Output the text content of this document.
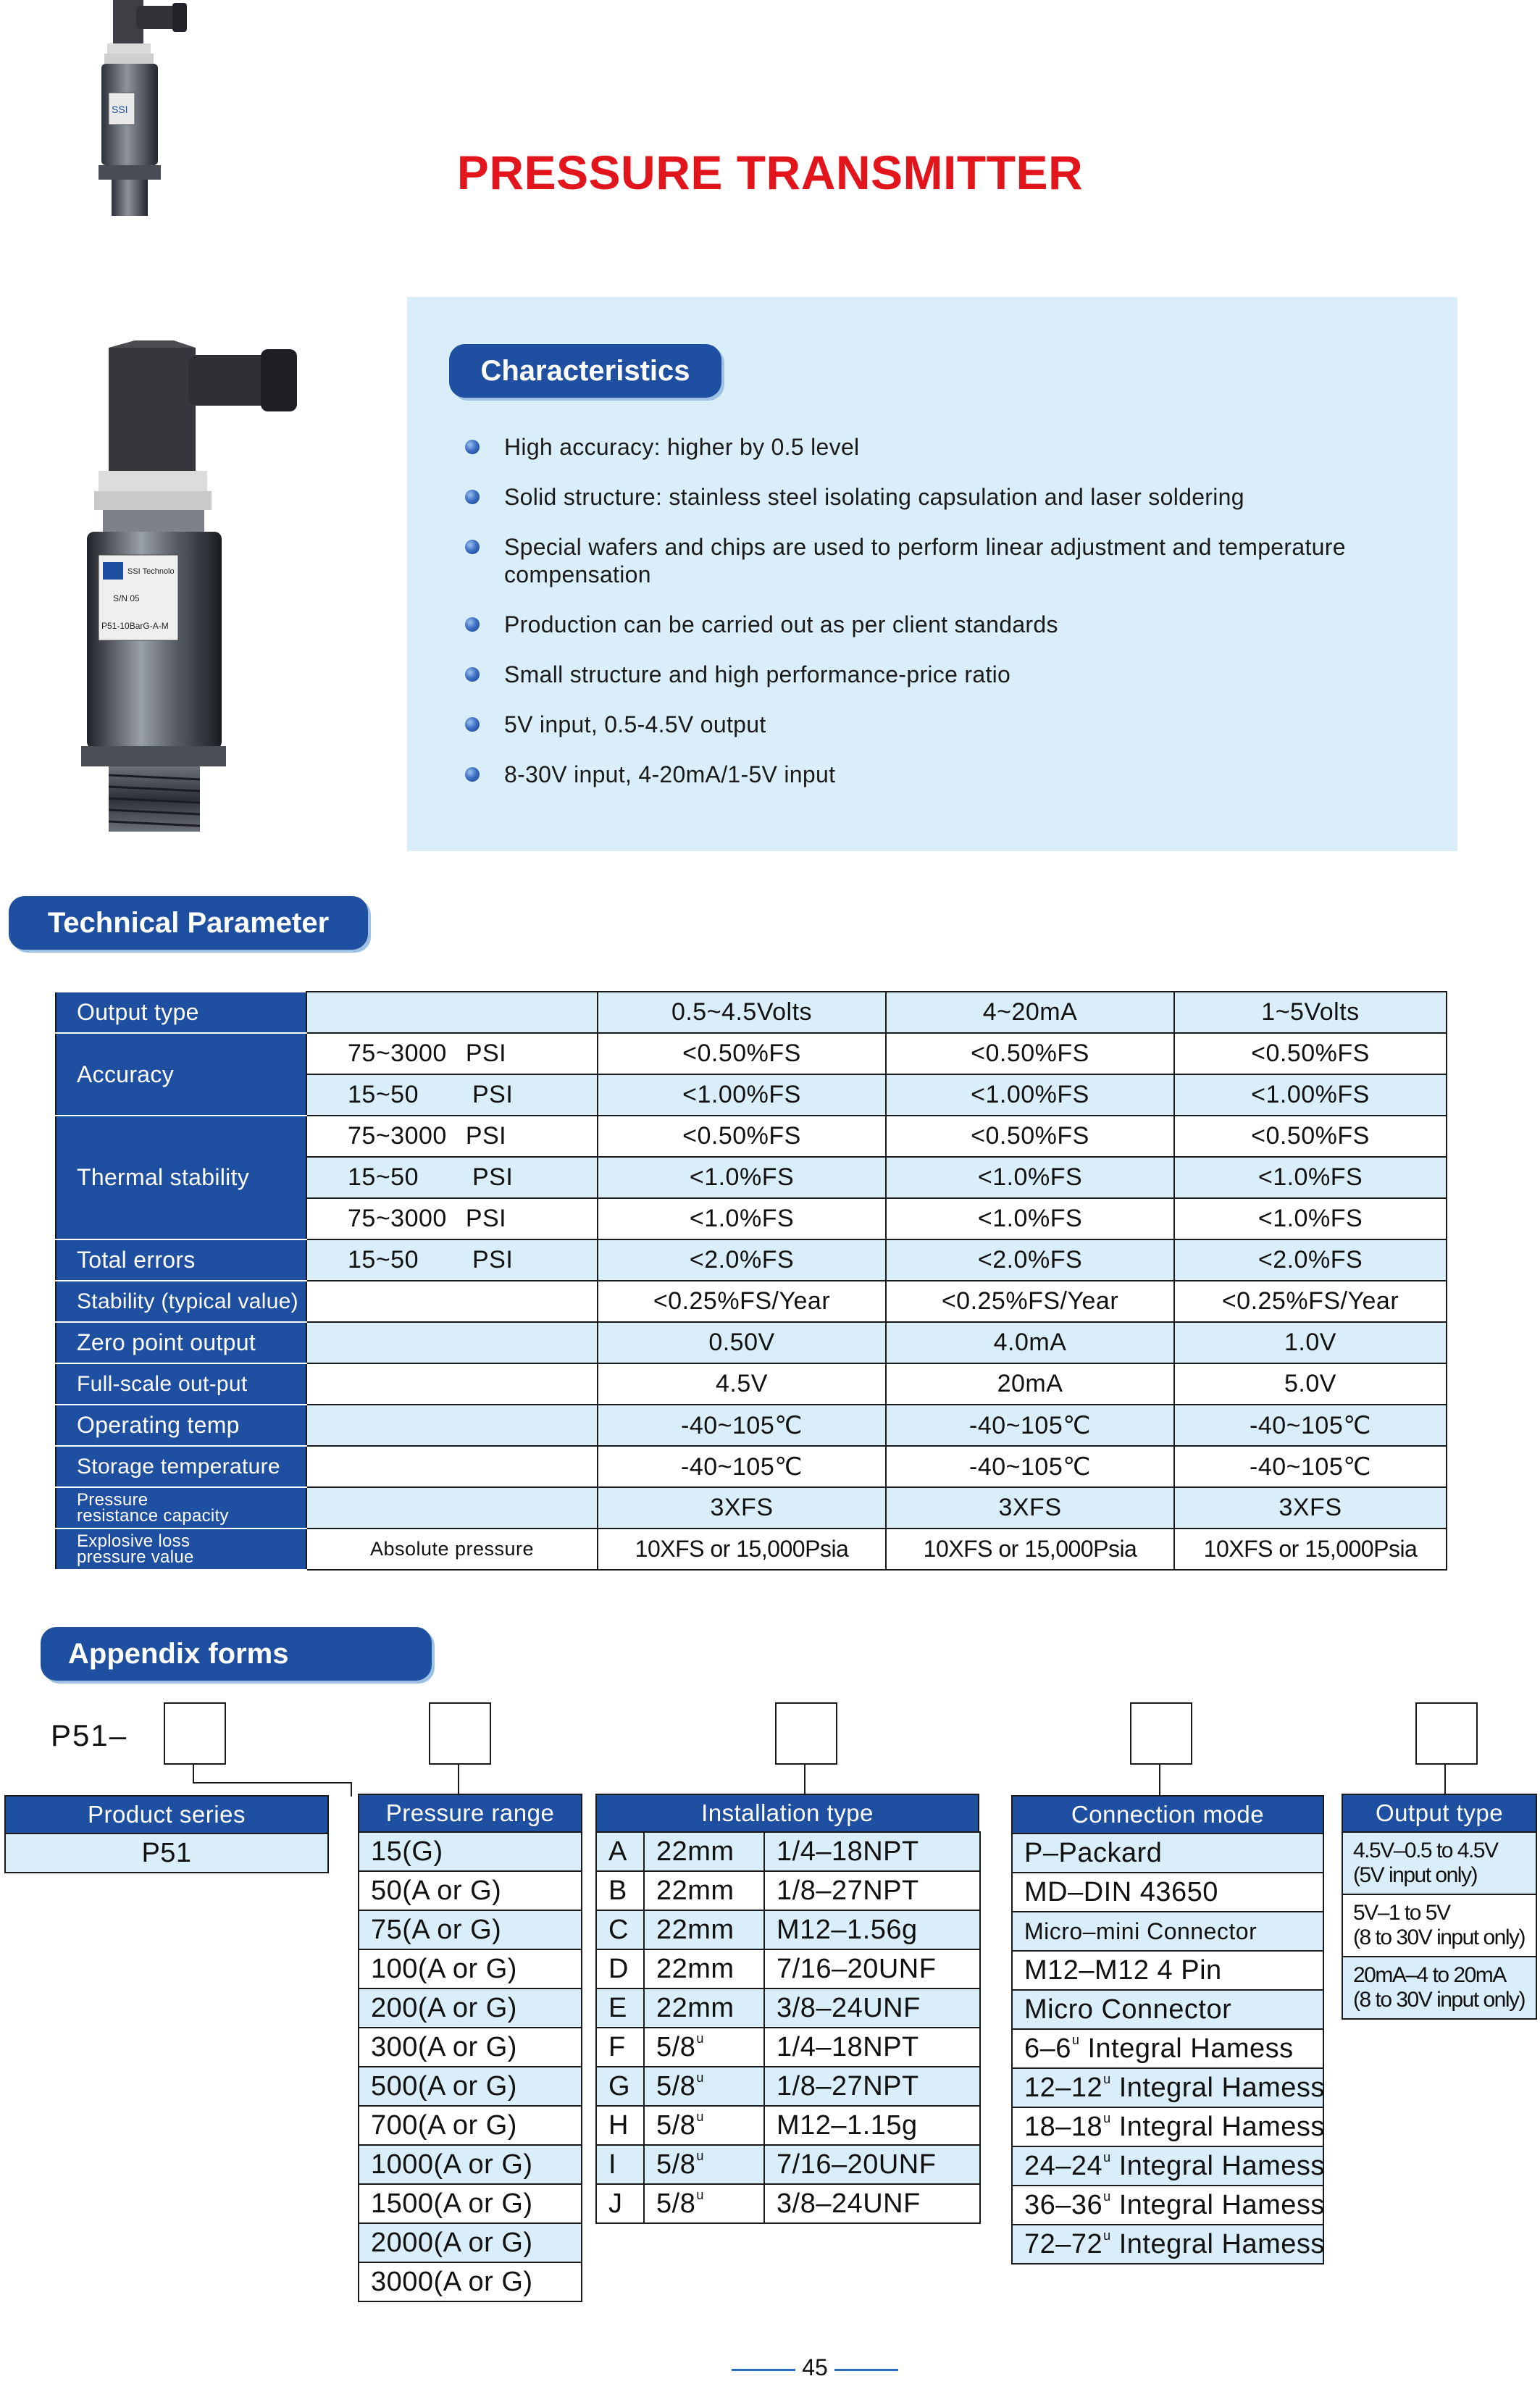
PRESSURE TRANSMITTER
SSI
SSI Technolo
S/N 05
P51-10BarG-A-M
Characteristics
High accuracy: higher by 0.5 level
Solid structure: stainless steel isolating capsulation and laser soldering
Special wafers and chips are used to perform linear adjustment and temperature compensation
Production can be carried out as per client standards
Small structure and high performance-price ratio
5V input, 0.5-4.5V output
8-30V input, 4-20mA/1-5V input
Technical Parameter
Output type		0.5~4.5Volts	4~20mA	1~5Volts
Accuracy	75~3000 PSI	<0.50%FS	<0.50%FS	<0.50%FS
	15~50 PSI	<1.00%FS	<1.00%FS	<1.00%FS
Thermal stability	75~3000 PSI	<0.50%FS	<0.50%FS	<0.50%FS
	15~50 PSI	<1.0%FS	<1.0%FS	<1.0%FS
	75~3000 PSI	<1.0%FS	<1.0%FS	<1.0%FS
Total errors	15~50 PSI	<2.0%FS	<2.0%FS	<2.0%FS
Stability (typical value)		<0.25%FS/Year	<0.25%FS/Year	<0.25%FS/Year
Zero point output		0.50V	4.0mA	1.0V
Full-scale out-put		4.5V	20mA	5.0V
Operating temp		-40~105℃	-40~105℃	-40~105℃
Storage temperature		-40~105℃	-40~105℃	-40~105℃

Pressure
resistance capacity		3XFS	3XFS	3XFS

Explosive loss
pressure value	Absolute pressure	10XFS or 15,000Psia	10XFS or 15,000Psia	10XFS or 15,000Psia
Appendix forms
P51–
Product series
P51
Pressure range
15(G)
50(A or G)
75(A or G)
100(A or G)
200(A or G)
300(A or G)
500(A or G)
700(A or G)
1000(A or G)
1500(A or G)
2000(A or G)
3000(A or G)
Installation type
A	22mm	1/4–18NPT
B	22mm	1/8–27NPT
C	22mm	M12–1.56g
D	22mm	7/16–20UNF
E	22mm	3/8–24UNF
F	5/8$^u$	1/4–18NPT
G	5/8$^u$	1/8–27NPT
H	5/8$^u$	M12–1.15g
I	5/8$^u$	7/16–20UNF
J	5/8$^u$	3/8–24UNF
Connection mode
P–Packard
MD–DIN 43650
Micro–mini Connector
M12–M12 4 Pin
Micro Connector
6–6$^u$ Integral Hamess
12–12$^u$ Integral Hamess
18–18$^u$ Integral Hamess
24–24$^u$ Integral Hamess
36–36$^u$ Integral Hamess
72–72$^u$ Integral Hamess
Output type
4.5V–0.5 to 4.5V
(5V input only)

5V–1 to 5V
(8 to 30V input only)

20mA–4 to 20mA
(8 to 30V input only)
45
